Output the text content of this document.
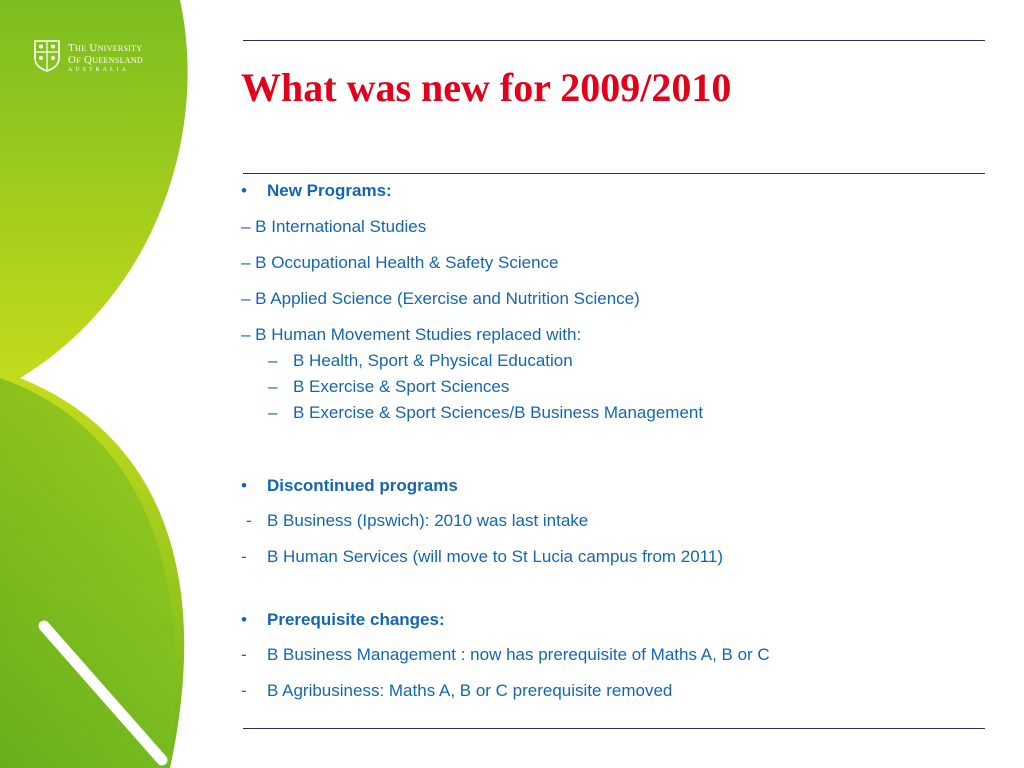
The University
Of Queensland
AUSTRALIA	What was new for 2009/2010
• New Programs:
– B International Studies
– B Occupational Health & Safety Science
– B Applied Science (Exercise and Nutrition Science)
– B Human Movement Studies replaced with:
– B Health, Sport & Physical Education
– B Exercise & Sport Sciences
– B Exercise & Sport Sciences/B Business Management
• Discontinued programs
- B Business (Ipswich): 2010 was last intake
- B Human Services (will move to St Lucia campus from 2011)
• Prerequisite changes:
- B Business Management : now has prerequisite of Maths A, B or C
- B Agribusiness: Maths A, B or C prerequisite removed
